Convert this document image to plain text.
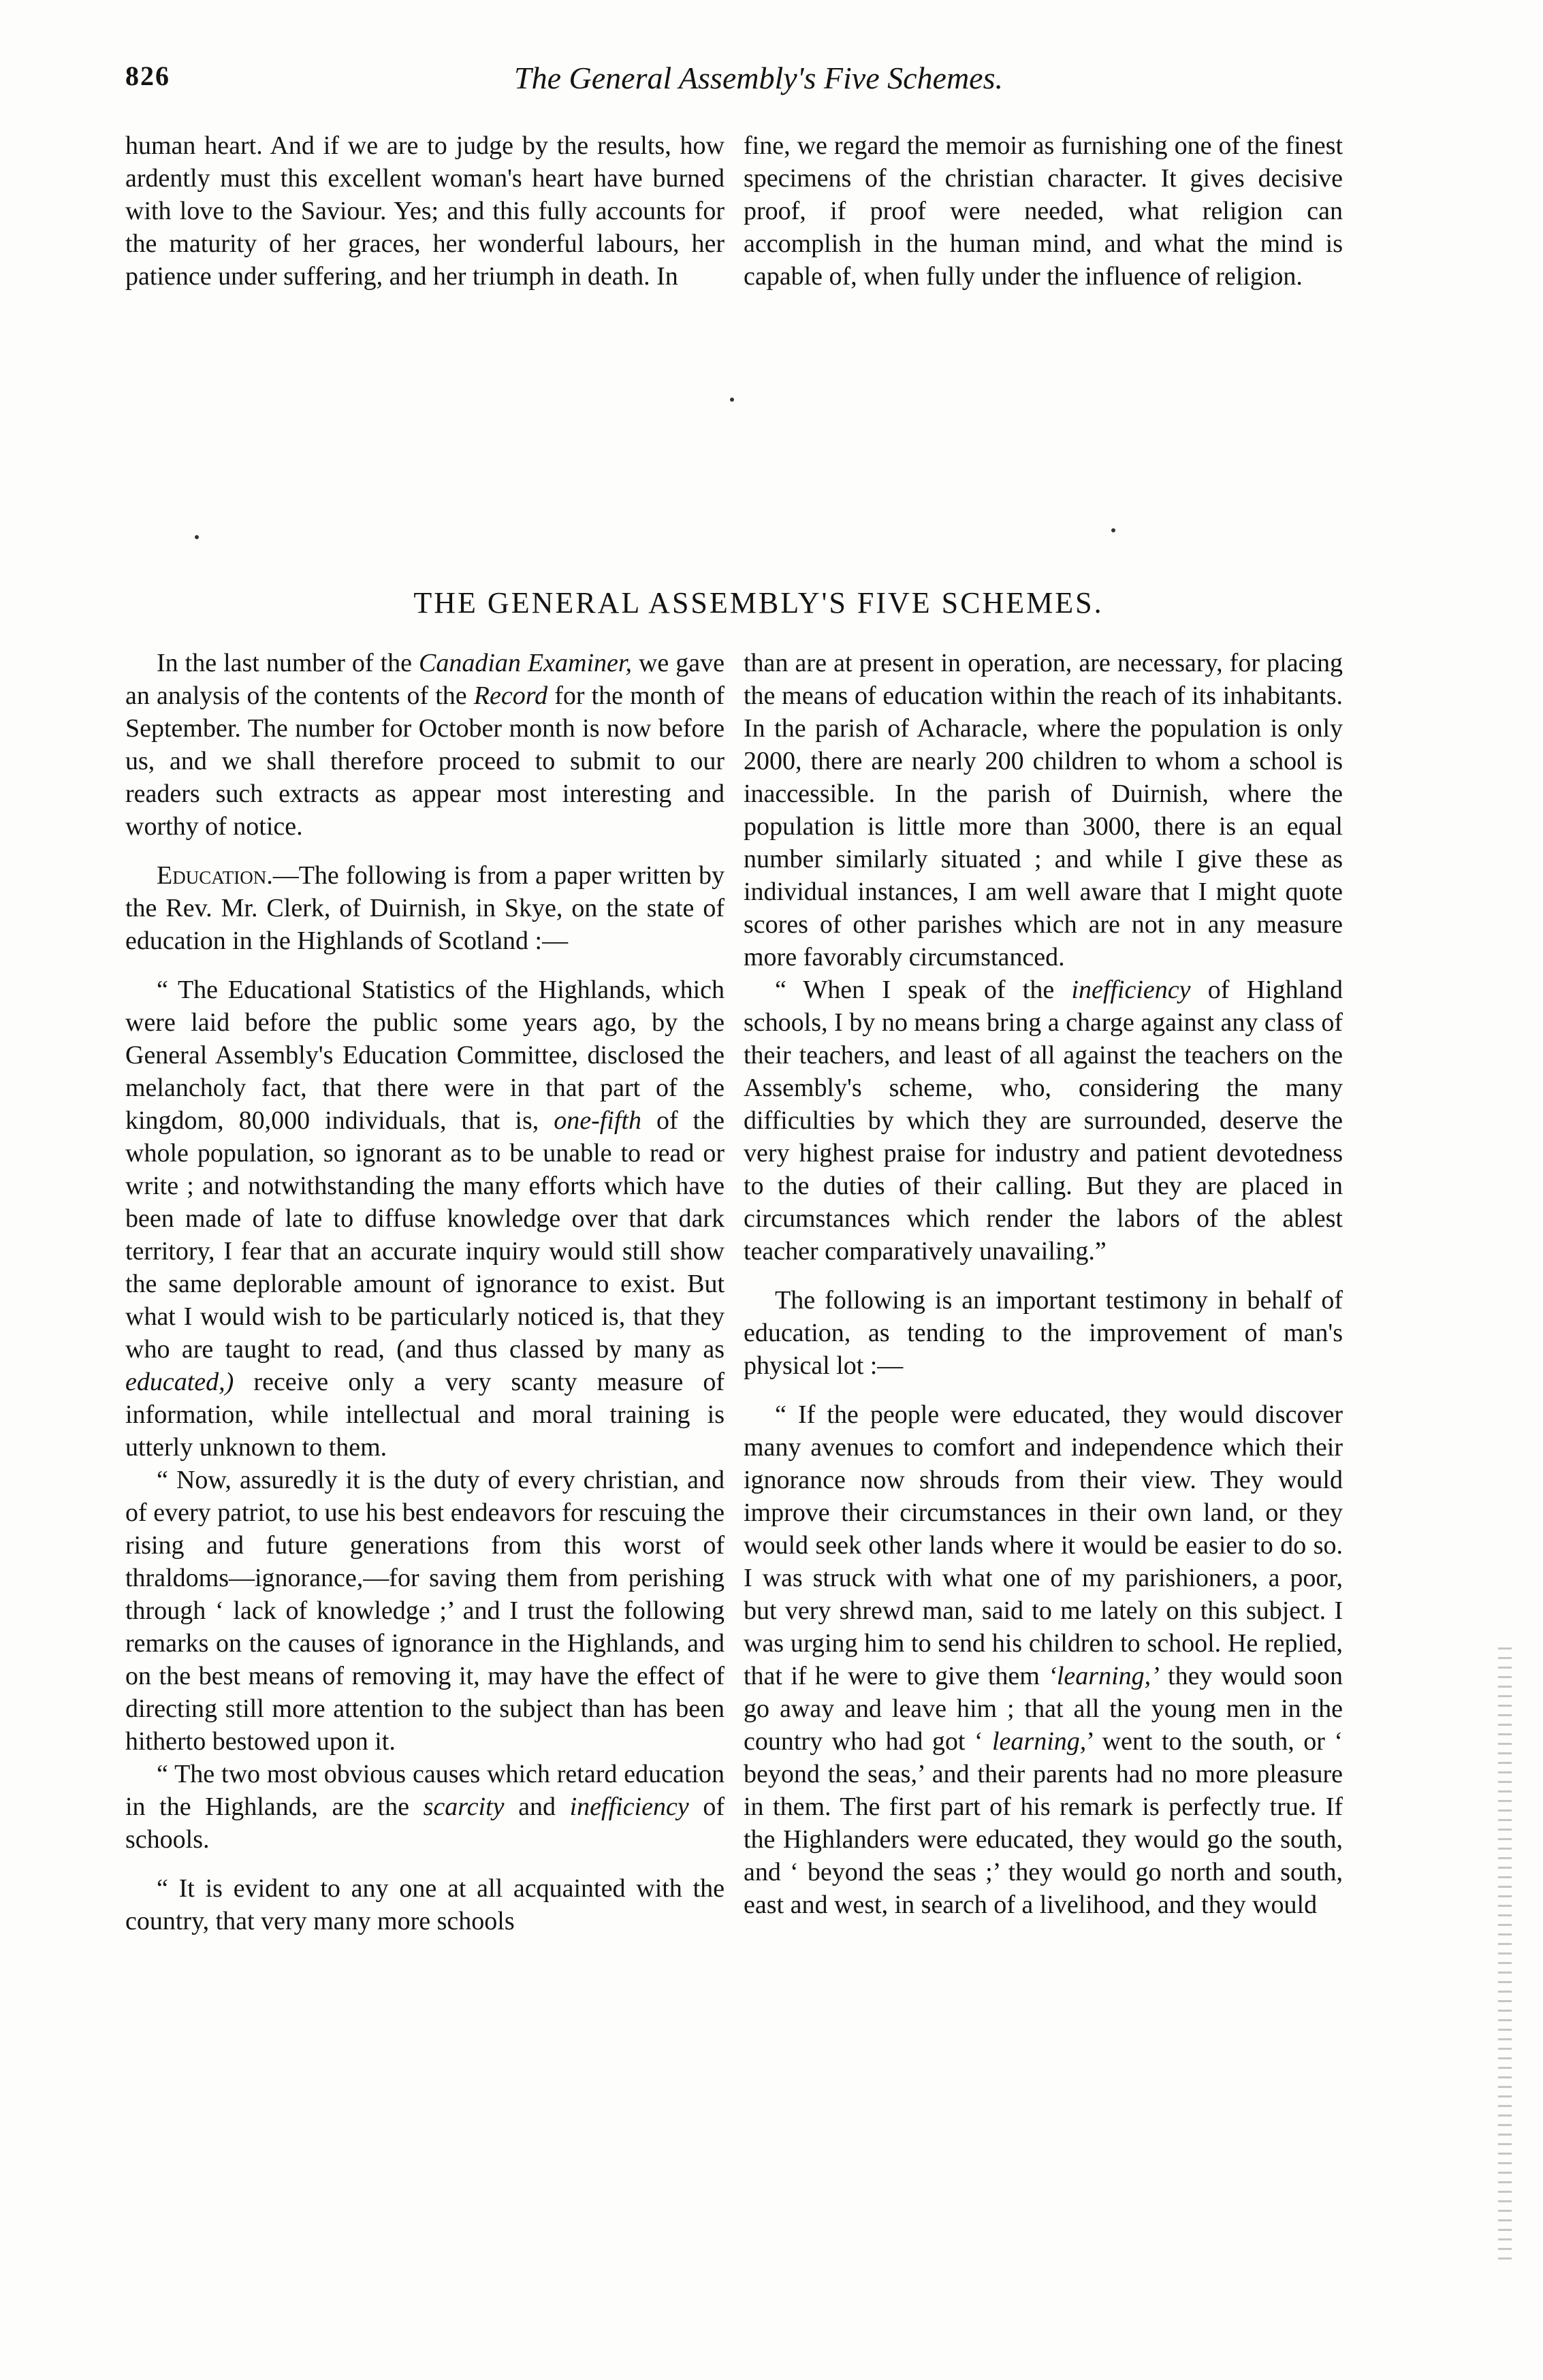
826	The General Assembly's Five Schemes.

human heart. And if we are to judge by the results, how ardently must this excellent woman's heart have burned with love to the Saviour. Yes; and this fully accounts for the maturity of her graces, her wonderful labours, her patience under suffering, and her triumph in death. In

fine, we regard the memoir as furnishing one of the finest specimens of the christian character. It gives decisive proof, if proof were needed, what religion can accomplish in the human mind, and what the mind is capable of, when fully under the influence of religion.

THE GENERAL ASSEMBLY'S FIVE SCHEMES.

In the last number of the Canadian Examiner, we gave an analysis of the contents of the Record for the month of September. The number for October month is now before us, and we shall therefore proceed to submit to our readers such extracts as appear most interesting and worthy of notice.

Education.—The following is from a paper written by the Rev. Mr. Clerk, of Duirnish, in Skye, on the state of education in the Highlands of Scotland :—

“ The Educational Statistics of the Highlands, which were laid before the public some years ago, by the General Assembly's Education Committee, disclosed the melancholy fact, that there were in that part of the kingdom, 80,000 individuals, that is, one-fifth of the whole population, so ignorant as to be unable to read or write ; and notwithstanding the many efforts which have been made of late to diffuse knowledge over that dark territory, I fear that an accurate inquiry would still show the same deplorable amount of ignorance to exist. But what I would wish to be particularly noticed is, that they who are taught to read, (and thus classed by many as educated,) receive only a very scanty measure of information, while intellectual and moral training is utterly unknown to them.

“ Now, assuredly it is the duty of every christian, and of every patriot, to use his best endeavors for rescuing the rising and future generations from this worst of thraldoms—ignorance,—for saving them from perishing through ‘ lack of knowledge ;’ and I trust the following remarks on the causes of ignorance in the Highlands, and on the best means of removing it, may have the effect of directing still more attention to the subject than has been hitherto bestowed upon it.

“ The two most obvious causes which retard education in the Highlands, are the scarcity and inefficiency of schools.

“ It is evident to any one at all acquainted with the country, that very many more schools

than are at present in operation, are necessary, for placing the means of education within the reach of its inhabitants. In the parish of Acharacle, where the population is only 2000, there are nearly 200 children to whom a school is inaccessible. In the parish of Duirnish, where the population is little more than 3000, there is an equal number similarly situated ; and while I give these as individual instances, I am well aware that I might quote scores of other parishes which are not in any measure more favorably circumstanced.

“ When I speak of the inefficiency of Highland schools, I by no means bring a charge against any class of their teachers, and least of all against the teachers on the Assembly's scheme, who, considering the many difficulties by which they are surrounded, deserve the very highest praise for industry and patient devotedness to the duties of their calling. But they are placed in circumstances which render the labors of the ablest teacher comparatively unavailing.”

The following is an important testimony in behalf of education, as tending to the improvement of man's physical lot :—

“ If the people were educated, they would discover many avenues to comfort and independence which their ignorance now shrouds from their view. They would improve their circumstances in their own land, or they would seek other lands where it would be easier to do so. I was struck with what one of my parishioners, a poor, but very shrewd man, said to me lately on this subject. I was urging him to send his children to school. He replied, that if he were to give them ‘learning,’ they would soon go away and leave him ; that all the young men in the country who had got ‘ learning,’ went to the south, or ‘ beyond the seas,’ and their parents had no more pleasure in them. The first part of his remark is perfectly true. If the Highlanders were educated, they would go the south, and ‘ beyond the seas ;’ they would go north and south, east and west, in search of a livelihood, and they would
